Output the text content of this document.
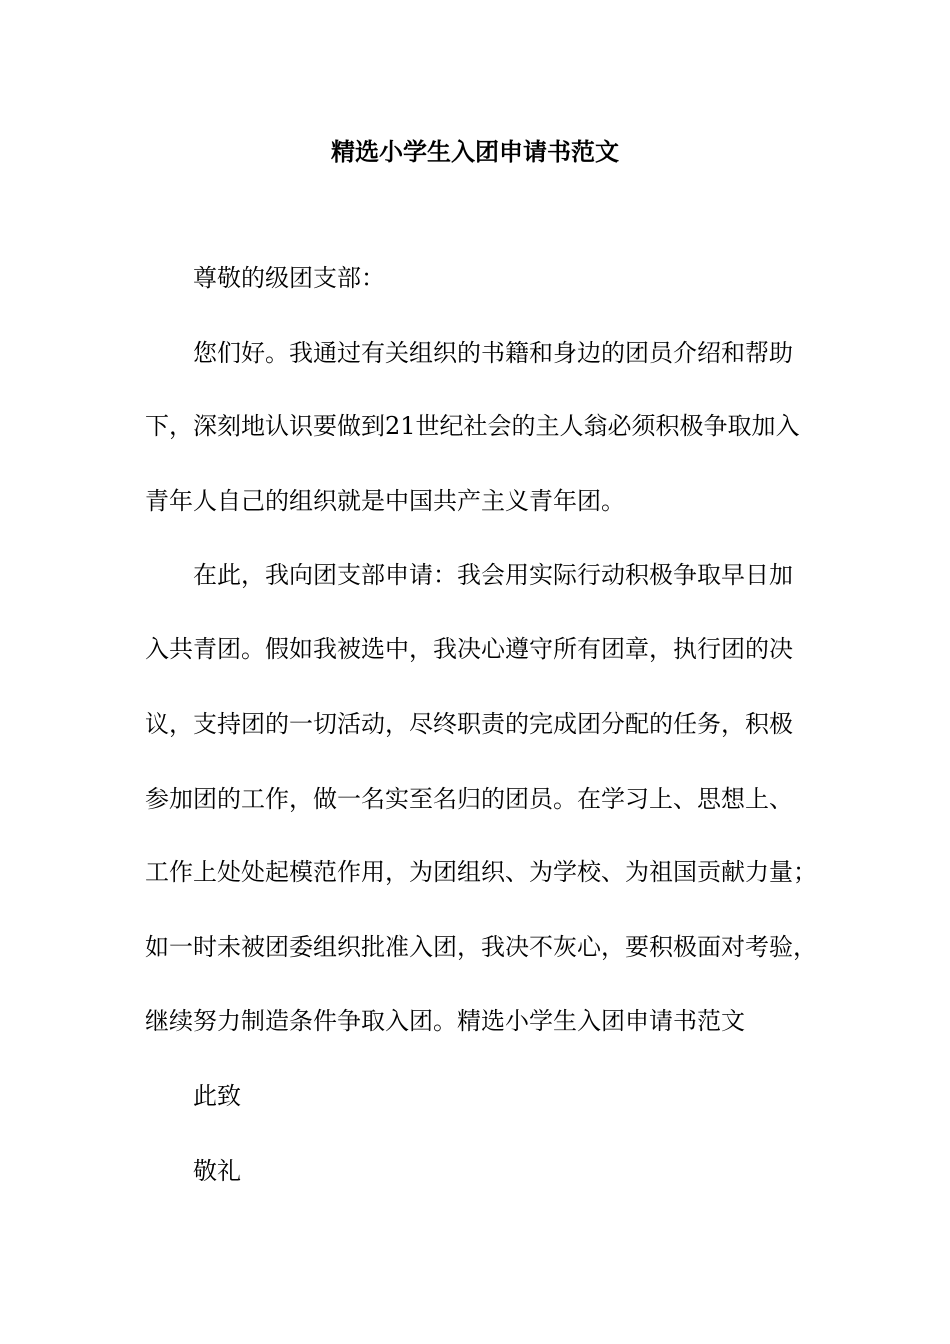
精选小学生入团申请书范文
尊敬的级团支部：
您们好。我通过有关组织的书籍和身边的团员介绍和帮助
下，深刻地认识要做到21世纪社会的主人翁必须积极争取加入
青年人自己的组织就是中国共产主义青年团。
在此，我向团支部申请：我会用实际行动积极争取早日加
入共青团。假如我被选中，我决心遵守所有团章，执行团的决
议，支持团的一切活动，尽终职责的完成团分配的任务，积极
参加团的工作，做一名实至名归的团员。在学习上、思想上、
工作上处处起模范作用，为团组织、为学校、为祖国贡献力量；
如一时未被团委组织批准入团，我决不灰心，要积极面对考验，
继续努力制造条件争取入团。精选小学生入团申请书范文
此致
敬礼
